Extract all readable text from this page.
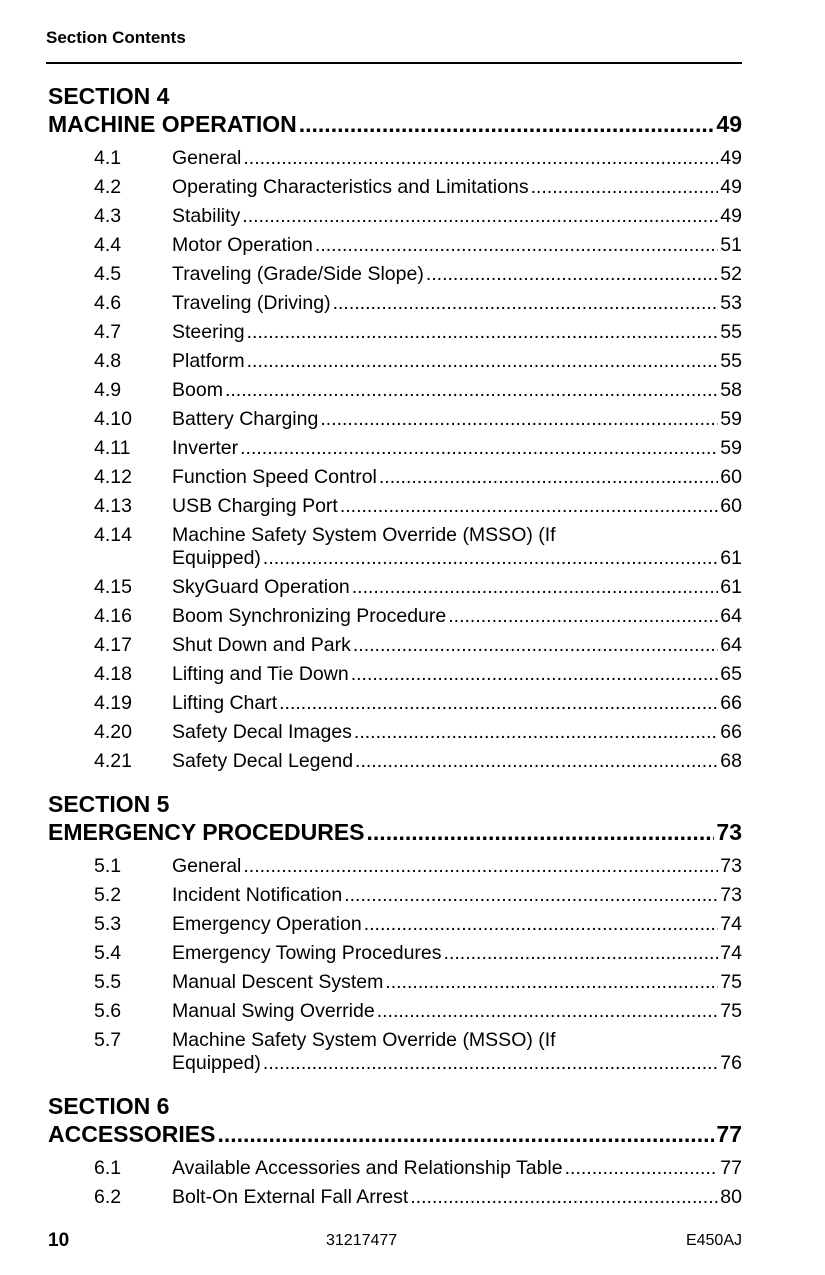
Section Contents
SECTION 4
MACHINE OPERATION .....	49
4.1	General .....	49
4.2	Operating Characteristics and Limitations .....	49
4.3	Stability .....	49
4.4	Motor Operation .....	51
4.5	Traveling (Grade/Side Slope) .....	52
4.6	Traveling (Driving) .....	53
4.7	Steering .....	55
4.8	Platform .....	55
4.9	Boom .....	58
4.10	Battery Charging .....	59
4.11	Inverter .....	59
4.12	Function Speed Control .....	60
4.13	USB Charging Port .....	60
4.14	Machine Safety System Override (MSSO) (If
Equipped) .....	61
4.15	SkyGuard Operation .....	61
4.16	Boom Synchronizing Procedure .....	64
4.17	Shut Down and Park .....	64
4.18	Lifting and Tie Down .....	65
4.19	Lifting Chart .....	66
4.20	Safety Decal Images .....	66
4.21	Safety Decal Legend .....	68
SECTION 5
EMERGENCY PROCEDURES .....	73
5.1	General .....	73
5.2	Incident Notification .....	73
5.3	Emergency Operation .....	74
5.4	Emergency Towing Procedures .....	74
5.5	Manual Descent System .....	75
5.6	Manual Swing Override .....	75
5.7	Machine Safety System Override (MSSO) (If
Equipped) .....	76
SECTION 6
ACCESSORIES .....	77
6.1	Available Accessories and Relationship Table .....	77
6.2	Bolt-On External Fall Arrest .....	80
10	31217477	E450AJ
